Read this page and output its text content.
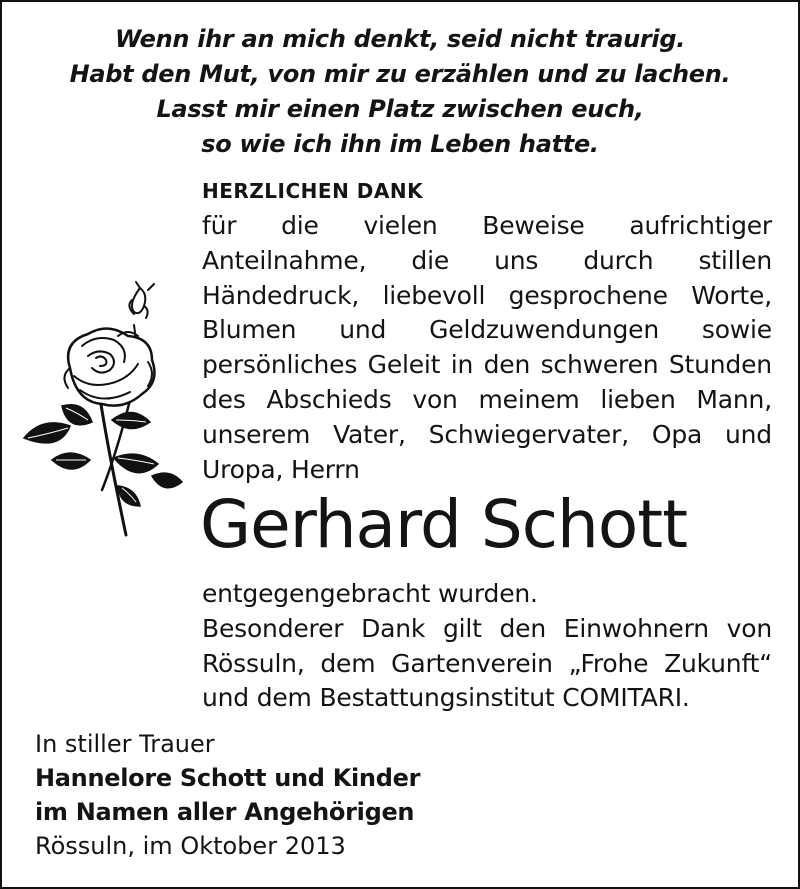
Wenn ihr an mich denkt, seid nicht traurig.
Habt den Mut, von mir zu erzählen und zu lachen.
Lasst mir einen Platz zwischen euch,
so wie ich ihn im Leben hatte.
HERZLICHEN DANK
für die vielen Beweise aufrichtiger
Anteilnahme, die uns durch stillen
Händedruck, liebevoll gesprochene Worte,
Blumen und Geldzuwendungen sowie
persönliches Geleit in den schweren Stunden
des Abschieds von meinem lieben Mann,
unserem Vater, Schwiegervater, Opa und
Uropa, Herrn
Gerhard Schott
entgegengebracht wurden.
Besonderer Dank gilt den Einwohnern von
Rössuln, dem Gartenverein „Frohe Zukunft“
und dem Bestattungsinstitut COMITARI.
In stiller Trauer
Hannelore Schott und Kinder
im Namen aller Angehörigen
Rössuln, im Oktober 2013
